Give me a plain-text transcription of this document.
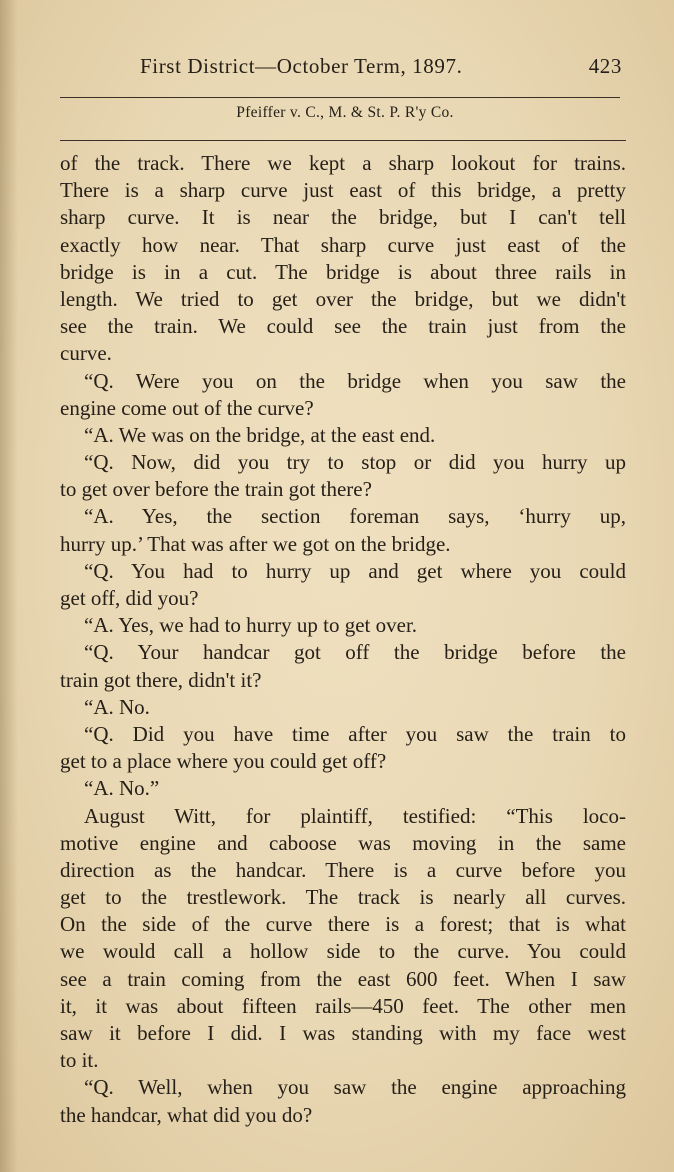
First District—October Term, 1897.	423
Pfeiffer v. C., M. & St. P. R'y Co.
of the track. There we kept a sharp lookout for trains.
There is a sharp curve just east of this bridge, a pretty
sharp curve. It is near the bridge, but I can't tell
exactly how near. That sharp curve just east of the
bridge is in a cut. The bridge is about three rails in
length. We tried to get over the bridge, but we didn't
see the train. We could see the train just from the
curve.
“Q. Were you on the bridge when you saw the
engine come out of the curve?
“A. We was on the bridge, at the east end.
“Q. Now, did you try to stop or did you hurry up
to get over before the train got there?
“A. Yes, the section foreman says, ‘hurry up,
hurry up.’ That was after we got on the bridge.
“Q. You had to hurry up and get where you could
get off, did you?
“A. Yes, we had to hurry up to get over.
“Q. Your handcar got off the bridge before the
train got there, didn't it?
“A. No.
“Q. Did you have time after you saw the train to
get to a place where you could get off?
“A. No.”
August Witt, for plaintiff, testified: “This loco-
motive engine and caboose was moving in the same
direction as the handcar. There is a curve before you
get to the trestlework. The track is nearly all curves.
On the side of the curve there is a forest; that is what
we would call a hollow side to the curve. You could
see a train coming from the east 600 feet. When I saw
it, it was about fifteen rails—450 feet. The other men
saw it before I did. I was standing with my face west
to it.
“Q. Well, when you saw the engine approaching
the handcar, what did you do?
